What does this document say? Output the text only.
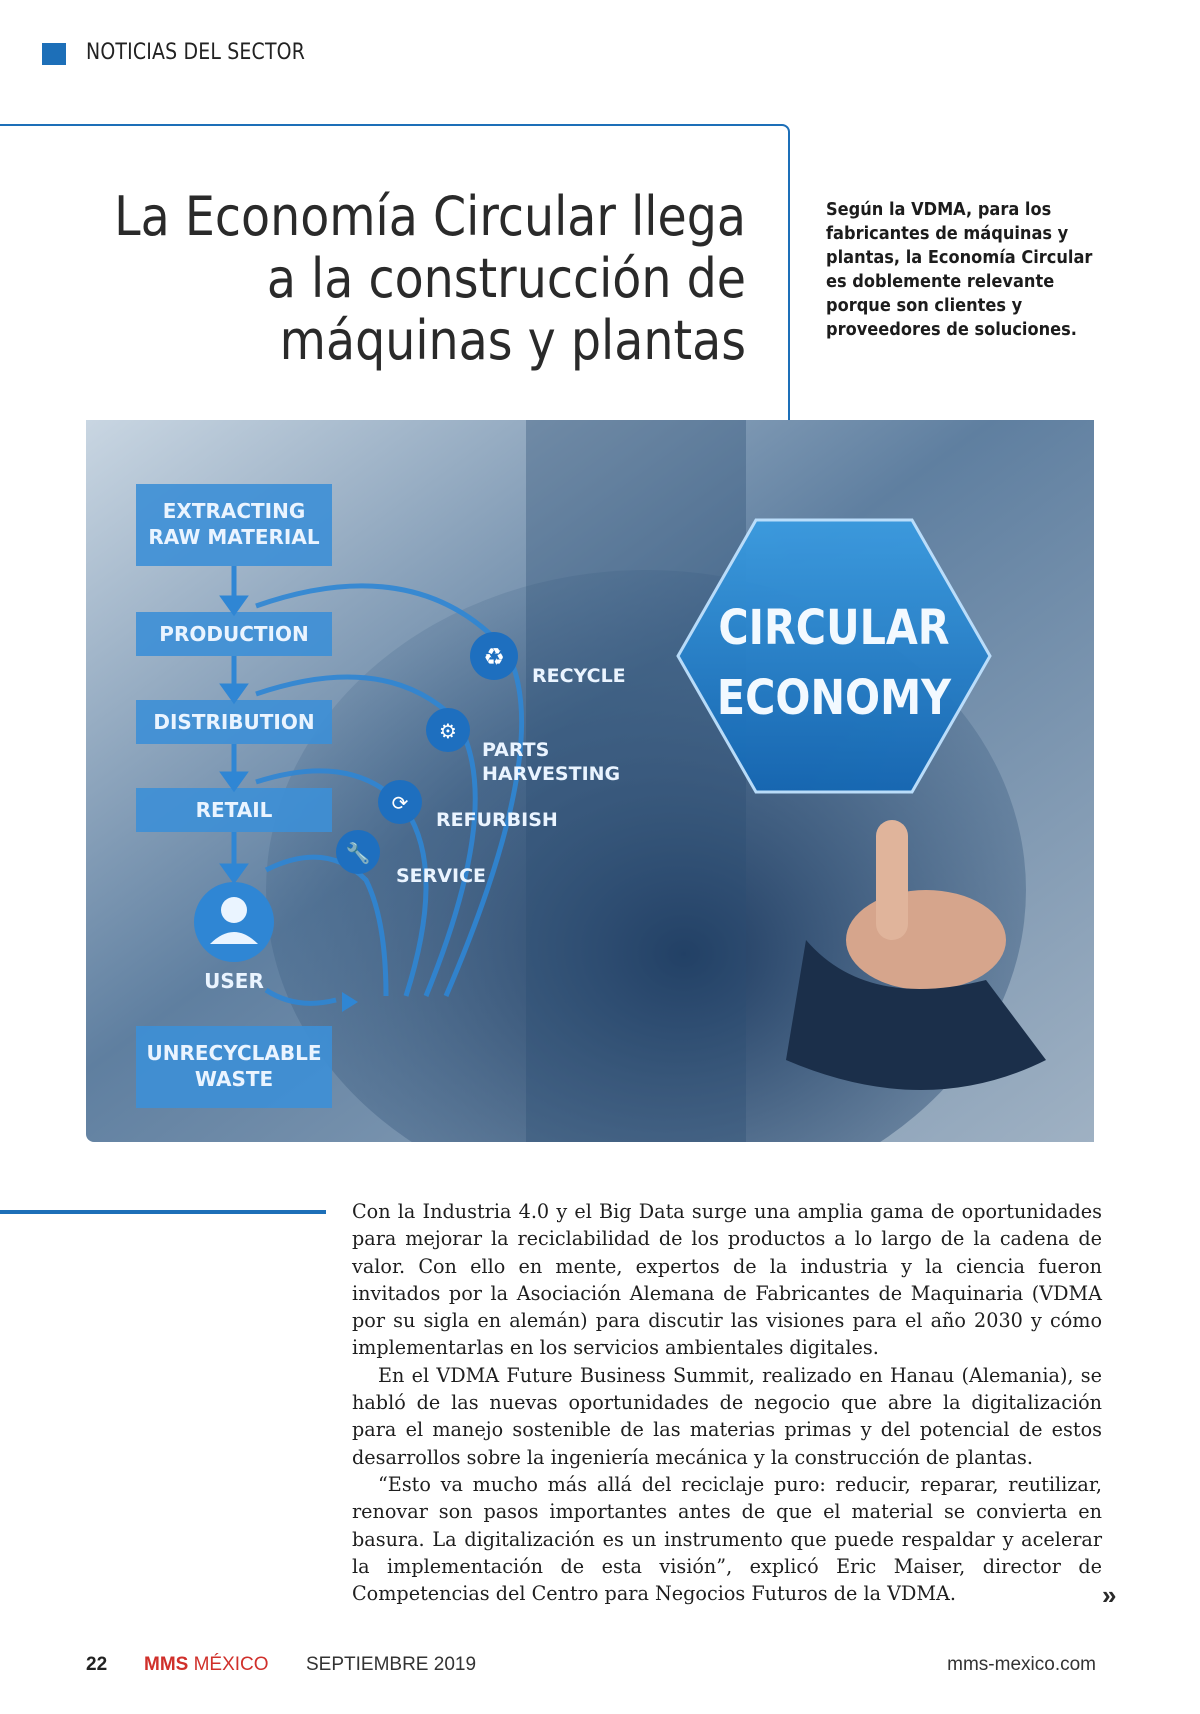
NOTICIAS DEL SECTOR
La Economía Circular llega a la construcción de máquinas y plantas
Según la VDMA, para los fabricantes de máquinas y plantas, la Economía Circular es doblemente relevante porque son clientes y proveedores de soluciones.
EXTRACTING
RAW MATERIAL
PRODUCTION
DISTRIBUTION
RETAIL
USER
UNRECYCLABLE
WASTE
♻
⚙
⟳
🔧
RECYCLE
PARTS
HARVESTING
REFURBISH
SERVICE
CIRCULAR
ECONOMY

Con la Industria 4.0 y el Big Data surge una amplia gama de oportunidades para mejorar la reciclabilidad de los productos a lo largo de la cadena de valor. Con ello en mente, expertos de la industria y la ciencia fueron invitados por la Asociación Alemana de Fabricantes de Maquinaria (VDMA por su sigla en alemán) para discutir las visiones para el año 2030 y cómo implementarlas en los servicios ambientales digitales.

En el VDMA Future Business Summit, realizado en Hanau (Alemania), se habló de las nuevas oportunidades de negocio que abre la digitalización para el manejo sostenible de las materias primas y del potencial de estos desarrollos sobre la ingeniería mecánica y la construcción de plantas.

“Esto va mucho más allá del reciclaje puro: reducir, reparar, reutilizar, renovar son pasos importantes antes de que el material se convierta en basura. La digitalización es un instrumento que puede respaldar y acelerar la implementación de esta visión”, explicó Eric Maiser, director de Competencias del Centro para Negocios Futuros de la VDMA.	»
22 MMS MÉXICO SEPTIEMBRE 2019	mms-mexico.com
